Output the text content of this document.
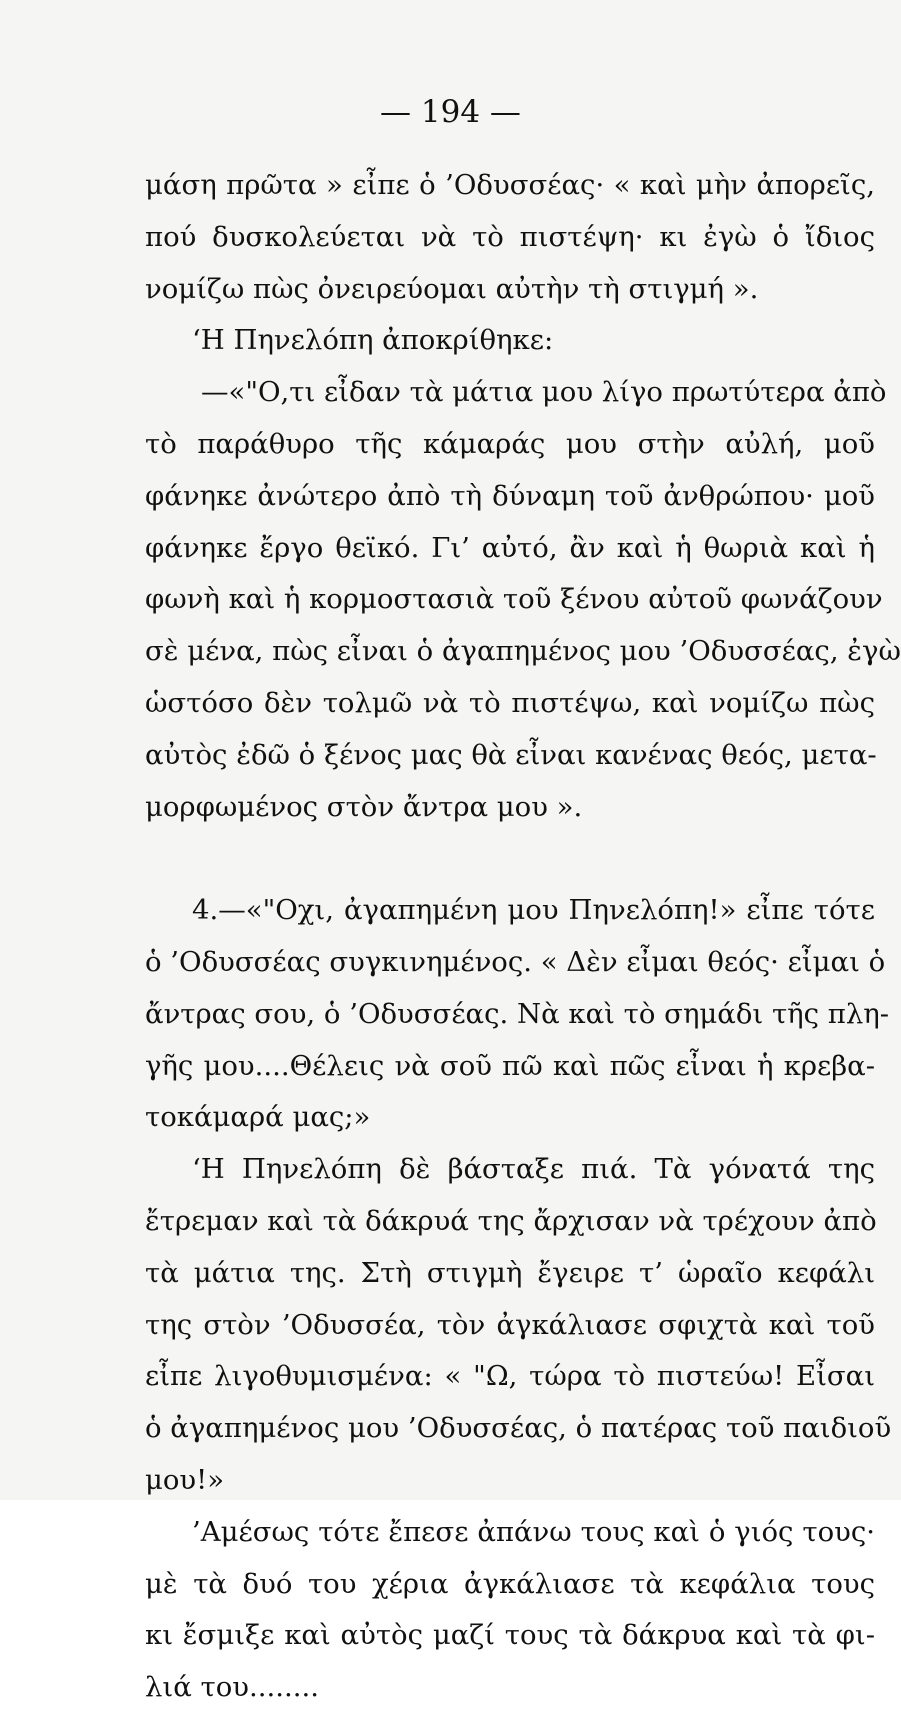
— 194 —
μάση πρῶτα » εἶπε ὁ ’Οδυσσέας· « καὶ μὴν ἀπορεῖς,
πού δυσκολεύεται νὰ τὸ πιστέψη· κι ἐγὼ ὁ ἴδιος
νομίζω πὼς ὀνειρεύομαι αὐτὴν τὴ στιγμή ».
‘Η Πηνελόπη ἀποκρίθηκε:
—«"Ο,τι εἶδαν τὰ μάτια μου λίγο πρωτύτερα ἀπὸ
τὸ παράθυρο τῆς κάμαράς μου στὴν αὐλή, μοῦ
φάνηκε ἀνώτερο ἀπὸ τὴ δύναμη τοῦ ἀνθρώπου· μοῦ
φάνηκε ἔργο θεϊκό. Γι’ αὐτό, ἂν καὶ ἡ θωριὰ καὶ ἡ
φωνὴ καὶ ἡ κορμοστασιὰ τοῦ ξένου αὐτοῦ φωνάζουν
σὲ μένα, πὼς εἶναι ὁ ἀγαπημένος μου ’Οδυσσέας, ἐγὼ
ὡστόσο δὲν τολμῶ νὰ τὸ πιστέψω, καὶ νομίζω πὼς
αὐτὸς ἐδῶ ὁ ξένος μας θὰ εἶναι κανένας θεός, μετα-
μορφωμένος στὸν ἄντρα μου ».
4.—«"Οχι, ἀγαπημένη μου Πηνελόπη!» εἶπε τότε
ὁ ’Οδυσσέας συγκινημένος. « Δὲν εἶμαι θεός· εἶμαι ὁ
ἄντρας σου, ὁ ’Οδυσσέας. Νὰ καὶ τὸ σημάδι τῆς πλη-
γῆς μου....Θέλεις νὰ σοῦ πῶ καὶ πῶς εἶναι ἡ κρεβα-
τοκάμαρά μας;»
‘Η Πηνελόπη δὲ βάσταξε πιά. Τὰ γόνατά της
ἔτρεμαν καὶ τὰ δάκρυά της ἄρχισαν νὰ τρέχουν ἀπὸ
τὰ μάτια της. Στὴ στιγμὴ ἔγειρε τ’ ὡραῖο κεφάλι
της στὸν ’Οδυσσέα, τὸν ἀγκάλιασε σφιχτὰ καὶ τοῦ
εἶπε λιγοθυμισμένα: « "Ω, τώρα τὸ πιστεύω! Εἶσαι
ὁ ἀγαπημένος μου ’Οδυσσέας, ὁ πατέρας τοῦ παιδιοῦ
μου!»
’Αμέσως τότε ἔπεσε ἀπάνω τους καὶ ὁ γιός τους·
μὲ τὰ δυό του χέρια ἀγκάλιασε τὰ κεφάλια τους
κι ἔσμιξε καὶ αὐτὸς μαζί τους τὰ δάκρυα καὶ τὰ φι-
λιά του........
